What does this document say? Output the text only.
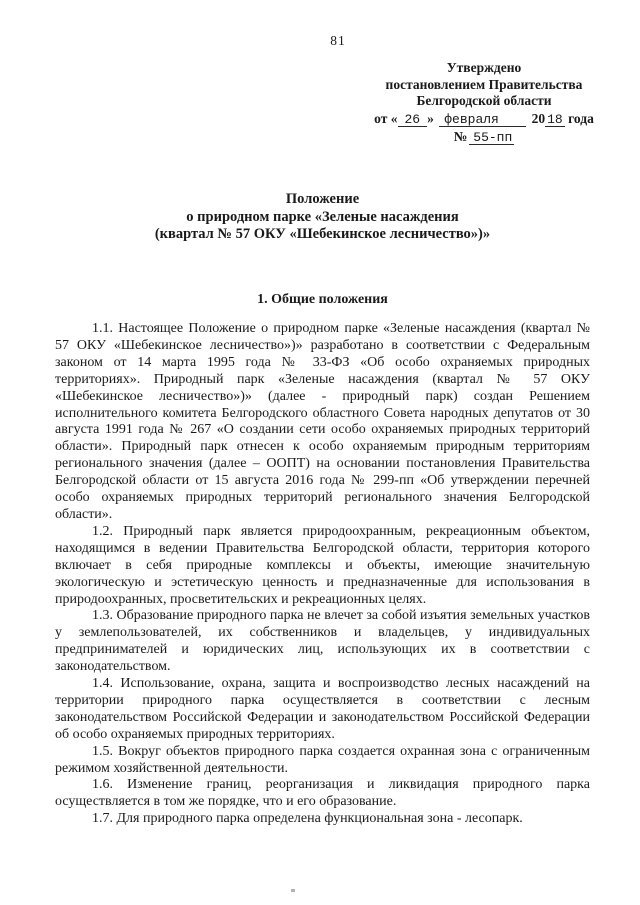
81
Утверждено
постановлением Правительства
Белгородской области
от « 26 » февраля 20 18 года
№ 55-пп
Положение
о природном парке «Зеленые насаждения
(квартал № 57 ОКУ «Шебекинское лесничество»)»
1. Общие положения

1.1. Настоящее Положение о природном парке «Зеленые насаждения (квартал № 57 ОКУ «Шебекинское лесничество»)» разработано в соответствии с Федеральным законом от 14 марта 1995 года № 33-ФЗ «Об особо охраняемых природных территориях». Природный парк «Зеленые насаждения (квартал № 57 ОКУ «Шебекинское лесничество»)» (далее - природный парк) создан Решением исполнительного комитета Белгородского областного Совета народных депутатов от 30 августа 1991 года № 267 «О создании сети особо охраняемых природных территорий области». Природный парк отнесен к особо охраняемым природным территориям регионального значения (далее – ООПТ) на основании постановления Правительства Белгородской области от 15 августа 2016 года № 299-пп «Об утверждении перечней особо охраняемых природных территорий регионального значения Белгородской области».

1.2. Природный парк является природоохранным, рекреационным объектом, находящимся в ведении Правительства Белгородской области, территория которого включает в себя природные комплексы и объекты, имеющие значительную экологическую и эстетическую ценность и предназначенные для использования в природоохранных, просветительских и рекреационных целях.

1.3. Образование природного парка не влечет за собой изъятия земельных участков у землепользователей, их собственников и владельцев, у индивидуальных предпринимателей и юридических лиц, использующих их в соответствии с законодательством.

1.4. Использование, охрана, защита и воспроизводство лесных насаждений на территории природного парка осуществляется в соответствии с лесным законодательством Российской Федерации и законодательством Российской Федерации об особо охраняемых природных территориях.

1.5. Вокруг объектов природного парка создается охранная зона с ограниченным режимом хозяйственной деятельности.

1.6. Изменение границ, реорганизация и ликвидация природного парка осуществляется в том же порядке, что и его образование.

1.7. Для природного парка определена функциональная зона - лесопарк.
